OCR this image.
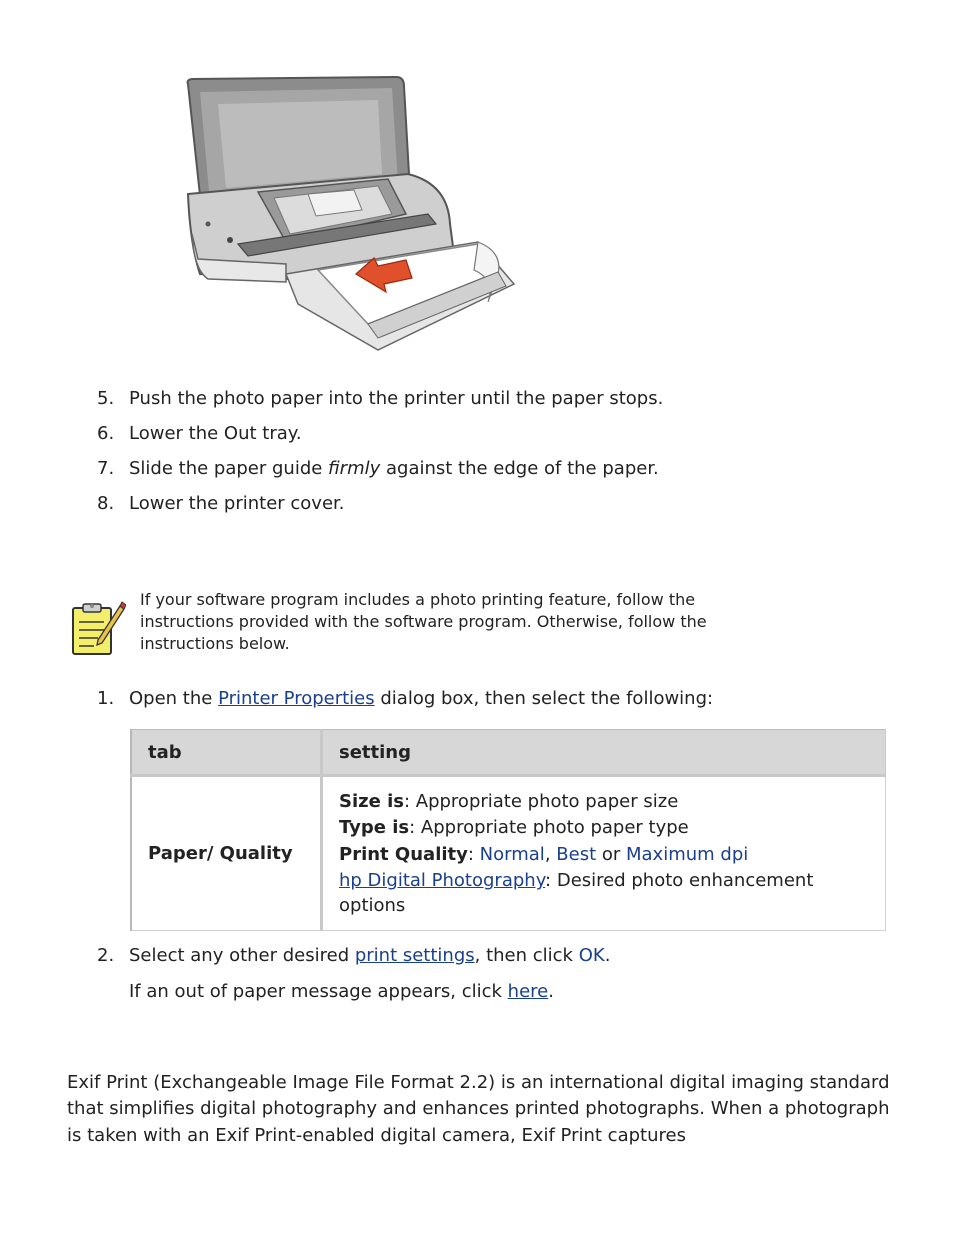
5. Push the photo paper into the printer until the paper stops.
6. Lower the Out tray.
7. Slide the paper guide firmly against the edge of the paper.
8. Lower the printer cover.
If your software program includes a photo printing feature, follow the instructions provided with the software program. Otherwise, follow the instructions below.
1. Open the Printer Properties dialog box, then select the following:
tab	setting
Paper/ Quality	Size is: Appropriate photo paper size
Type is: Appropriate photo paper type
Print Quality: Normal, Best or Maximum dpi
hp Digital Photography: Desired photo enhancement options
2. Select any other desired print settings, then click OK.
If an out of paper message appears, click here.
Exif Print (Exchangeable Image File Format 2.2) is an international digital imaging standard that simplifies digital photography and enhances printed photographs. When a photograph is taken with an Exif Print-enabled digital camera, Exif Print captures
